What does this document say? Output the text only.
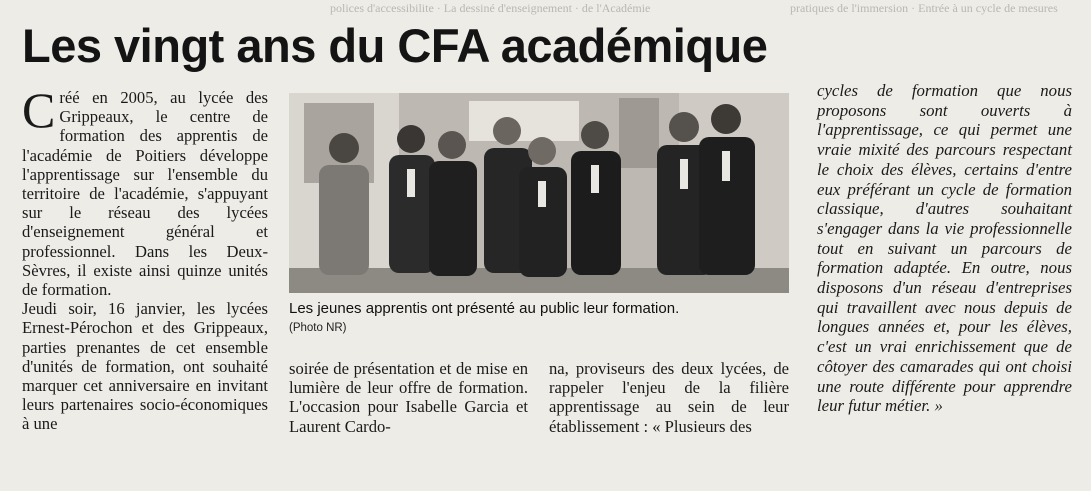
polices d'accessibilite · La dessiné d'enseignement · de l'Académie	pratiques de l'immersion · Entrée à un cycle de mesures
Les vingt ans du CFA académique

Créé en 2005, au lycée des Grippeaux, le centre de formation des apprentis de l'académie de Poitiers développe l'apprentissage sur l'ensemble du territoire de l'académie, s'appuyant sur le réseau des lycées d'enseignement général et professionnel. Dans les Deux-Sèvres, il existe ainsi quinze unités de formation.

Jeudi soir, 16 janvier, les lycées Ernest-Pérochon et des Grippeaux, parties prenantes de cet ensemble d'unités de formation, ont souhaité marquer cet anniversaire en invitant leurs partenaires socio-économiques à une

Les jeunes apprentis ont présenté au public leur formation.

(Photo NR)

soirée de présentation et de mise en lumière de leur offre de formation. L'occasion pour Isabelle Garcia et Laurent Cardo-

na, proviseurs des deux lycées, de rappeler l'enjeu de la filière apprentissage au sein de leur établissement : « Plusieurs des

cycles de formation que nous proposons sont ouverts à l'apprentissage, ce qui permet une vraie mixité des parcours respectant le choix des élèves, certains d'entre eux préférant un cycle de formation classique, d'autres souhaitant s'engager dans la vie professionnelle tout en suivant un parcours de formation adaptée. En outre, nous disposons d'un réseau d'entreprises qui travaillent avec nous depuis de longues années et, pour les élèves, c'est un vrai enrichissement que de côtoyer des camarades qui ont choisi une route différente pour apprendre leur futur métier. »
